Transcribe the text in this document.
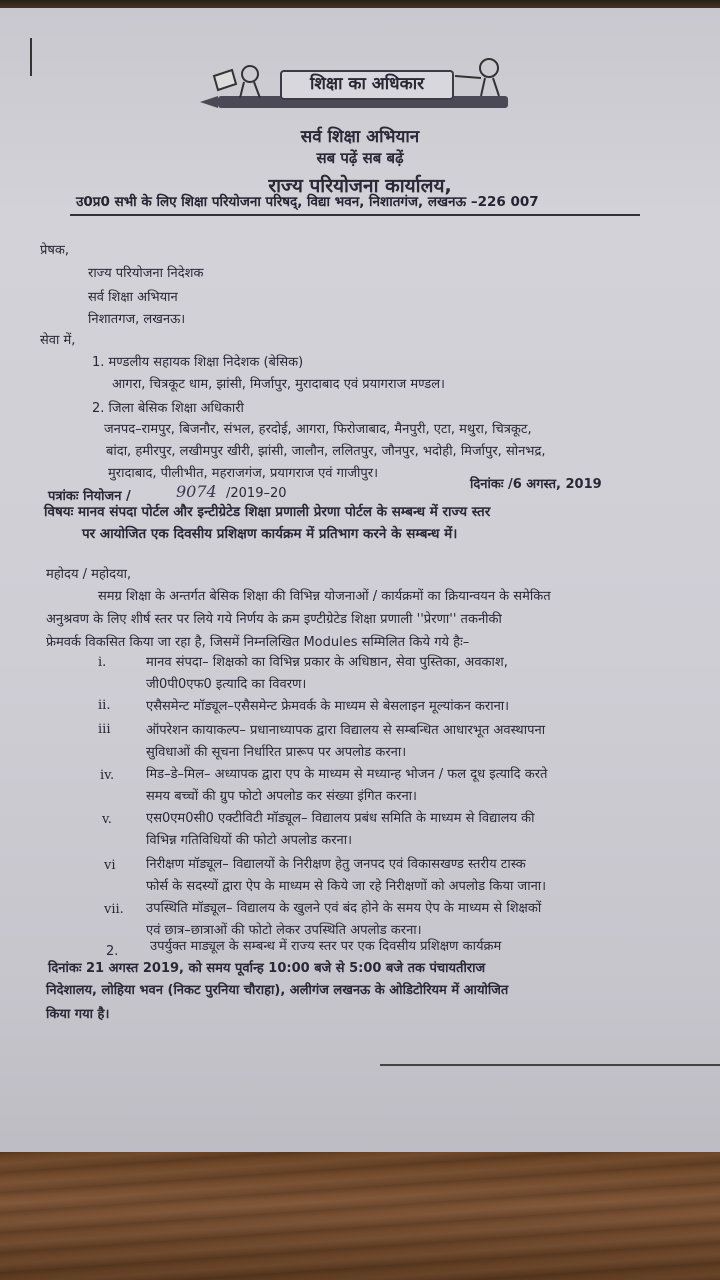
शिक्षा का अधिकार
सर्व शिक्षा अभियान
सब पढ़ें सब बढ़ें
राज्य परियोजना कार्यालय,
उ0प्र0 सभी के लिए शिक्षा परियोजना परिषद्, विद्या भवन, निशातगंज, लखनऊ –226 007
प्रेषक,
राज्य परियोजना निदेशक
सर्व शिक्षा अभियान
निशातगज, लखनऊ।
सेवा में,
1. मण्डलीय सहायक शिक्षा निदेशक (बेसिक)
आगरा, चित्रकूट धाम, झांसी, मिर्जापुर, मुरादाबाद एवं प्रयागराज मण्डल।
2. जिला बेसिक शिक्षा अधिकारी
जनपद–रामपुर, बिजनौर, संभल, हरदोई, आगरा, फिरोजाबाद, मैनपुरी, एटा, मथुरा, चित्रकूट,
बांदा, हमीरपुर, लखीमपुर खीरी, झांसी, जालौन, ललितपुर, जौनपुर, भदोही, मिर्जापुर, सोनभद्र,
मुरादाबाद, पीलीभीत, महराजगंज, प्रयागराज एवं गाजीपुर।
पत्रांकः नियोजन /	9074 /2019–20
दिनांकः /6 अगस्त, 2019
विषयः मानव संपदा पोर्टल और इन्टीग्रेटेड शिक्षा प्रणाली प्रेरणा पोर्टल के सम्बन्ध में राज्य स्तर
पर आयोजित एक दिवसीय प्रशिक्षण कार्यक्रम में प्रतिभाग करने के सम्बन्ध में।
महोदय / महोदया,
समग्र शिक्षा के अन्तर्गत बेसिक शिक्षा की विभिन्न योजनाओं / कार्यक्रमों का क्रियान्वयन के समेकित
अनुश्रवण के लिए शीर्ष स्तर पर लिये गये निर्णय के क्रम इण्टीग्रेटेड शिक्षा प्रणाली ''प्रेरणा'' तकनीकी
फ्रेमवर्क विकसित किया जा रहा है, जिसमें निम्नलिखित Modules सम्मिलित किये गये हैः–
i.	मानव संपदा– शिक्षको का विभिन्न प्रकार के अधिष्ठान, सेवा पुस्तिका, अवकाश,
जी0पी0एफ0 इत्यादि का विवरण।
ii.	एसैसमेन्ट मॉड्यूल–एसैसमेन्ट फ्रेमवर्क के माध्यम से बेसलाइन मूल्यांकन कराना।
iii	ऑपरेशन कायाकल्प– प्रधानाध्यापक द्वारा विद्यालय से सम्बन्धित आधारभूत अवस्थापना
सुविधाओं की सूचना निर्धारित प्रारूप पर अपलोड करना।
iv. मिड–डे–मिल– अध्यापक द्वारा एप के माध्यम से मध्यान्ह भोजन / फल दूध इत्यादि करते
समय बच्चों की ग्रुप फोटो अपलोड कर संख्या इंगित करना।
v.	एस0एम0सी0 एक्टीविटी मॉड्यूल– विद्यालय प्रबंध समिति के माध्यम से विद्यालय की
विभिन्न गतिविधियों की फोटो अपलोड करना।
vi निरीक्षण मॉड्यूल– विद्यालयों के निरीक्षण हेतु जनपद एवं विकासखण्ड स्तरीय टास्क
फोर्स के सदस्यों द्वारा ऐप के माध्यम से किये जा रहे निरीक्षणों को अपलोड किया जाना।
vii. उपस्थिति मॉड्यूल– विद्यालय के खुलने एवं बंद होने के समय ऐप के माध्यम से शिक्षकों
एवं छात्र–छात्राओं की फोटो लेकर उपस्थिति अपलोड करना।
2. उपर्युक्त माड्यूल के सम्बन्ध में राज्य स्तर पर एक दिवसीय प्रशिक्षण कार्यक्रम
दिनांकः 21 अगस्त 2019, को समय पूर्वान्ह 10:00 बजे से 5:00 बजे तक पंचायतीराज
निदेशालय, लोहिया भवन (निकट पुरनिया चौराहा), अलीगंज लखनऊ के ओडिटोरियम में आयोजित
किया गया है।
